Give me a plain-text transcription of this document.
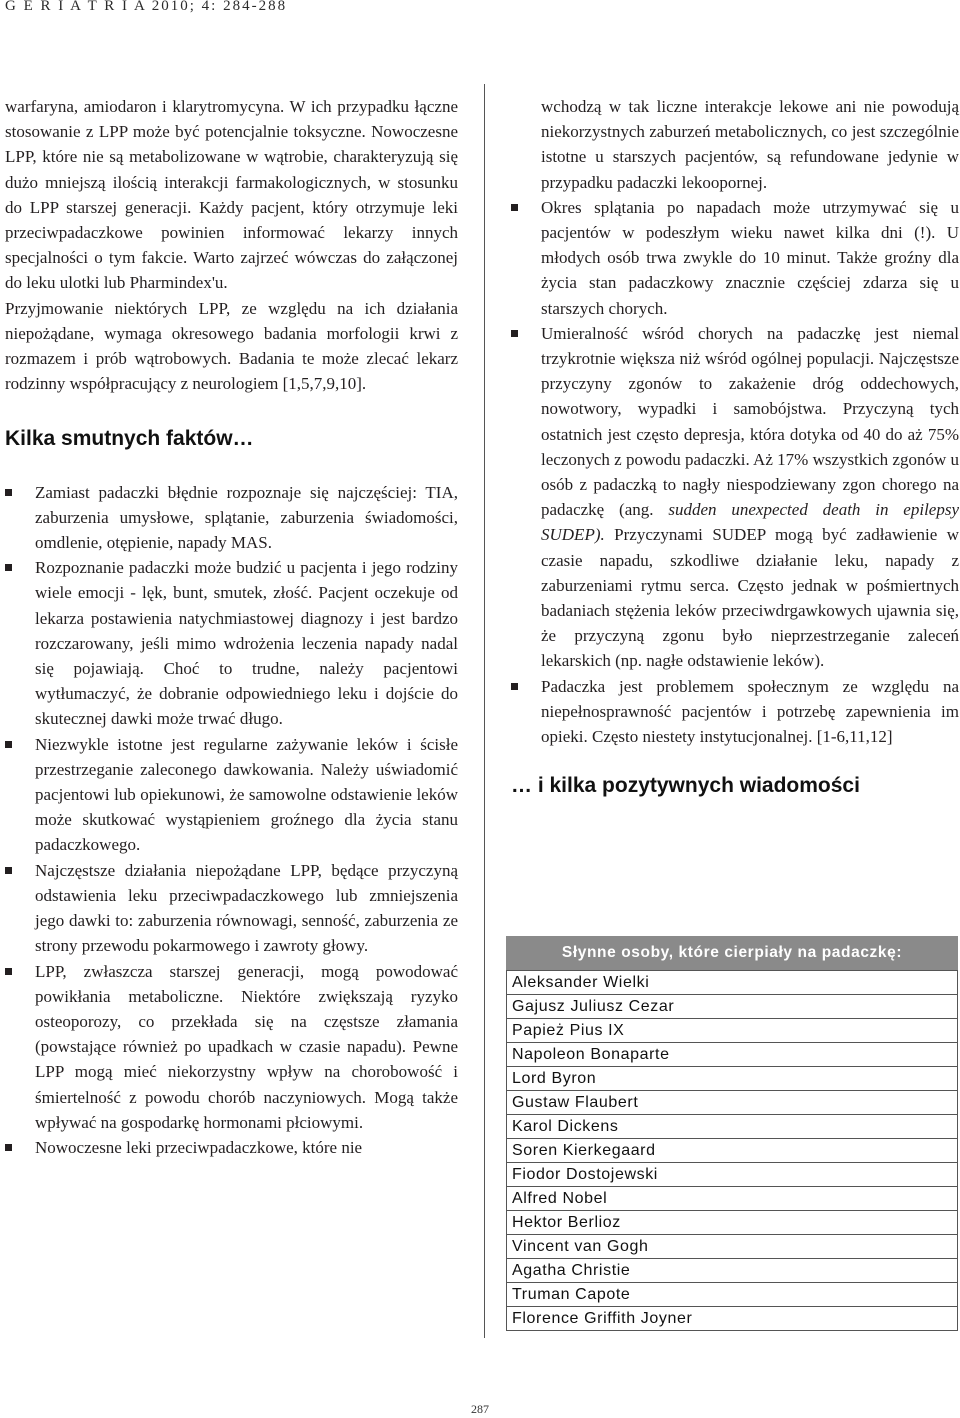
G E R I A T R I A 2010; 4: 284-288

warfaryna, amiodaron i klarytromycyna. W ich przypadku łączne stosowanie z LPP może być potencjalnie toksyczne. Nowoczesne LPP, które nie są metabolizowane w wątrobie, charakteryzują się dużo mniejszą ilością interakcji farmakologicznych, w stosunku do LPP starszej generacji. Każdy pacjent, który otrzymuje leki przeciwpadaczkowe powinien informować lekarzy innych specjalności o tym fakcie. Warto zajrzeć wówczas do załączonej do leku ulotki lub Pharmindex'u.

Przyjmowanie niektórych LPP, ze względu na ich działania niepożądane, wymaga okresowego badania morfologii krwi z rozmazem i prób wątrobowych. Badania te może zlecać lekarz rodzinny współpracujący z neurologiem [1,5,7,9,10].

Kilka smutnych faktów…
Zamiast padaczki błędnie rozpoznaje się najczęściej: TIA, zaburzenia umysłowe, splątanie, zaburzenia świadomości, omdlenie, otępienie, napady MAS.
Rozpoznanie padaczki może budzić u pacjenta i jego rodziny wiele emocji - lęk, bunt, smutek, złość. Pacjent oczekuje od lekarza postawienia natychmiastowej diagnozy i jest bardzo rozczarowany, jeśli mimo wdrożenia leczenia napady nadal się pojawiają. Choć to trudne, należy pacjentowi wytłumaczyć, że dobranie odpowiedniego leku i dojście do skutecznej dawki może trwać długo.
Niezwykle istotne jest regularne zażywanie leków i ścisłe przestrzeganie zaleconego dawkowania. Należy uświadomić pacjentowi lub opiekunowi, że samowolne odstawienie leków może skutkować wystąpieniem groźnego dla życia stanu padaczkowego.
Najczęstsze działania niepożądane LPP, będące przyczyną odstawienia leku przeciwpadaczkowego lub zmniejszenia jego dawki to: zaburzenia równowagi, senność, zaburzenia ze strony przewodu pokarmowego i zawroty głowy.
LPP, zwłaszcza starszej generacji, mogą powodować powikłania metaboliczne. Niektóre zwiększają ryzyko osteoporozy, co przekłada się na częstsze złamania (powstające również po upadkach w czasie napadu). Pewne LPP mogą mieć niekorzystny wpływ na chorobowość i śmiertelność z powodu chorób naczyniowych. Mogą także wpływać na gospodarkę hormonami płciowymi.
Nowoczesne leki przeciwpadaczkowe, które nie

wchodzą w tak liczne interakcje lekowe ani nie powodują niekorzystnych zaburzeń metabolicznych, co jest szczególnie istotne u starszych pacjentów, są refundowane jedynie w przypadku padaczki lekoopornej.

Okres splątania po napadach może utrzymywać się u pacjentów w podeszłym wieku nawet kilka dni (!). U młodych osób trwa zwykle do 10 minut. Także groźny dla życia stan padaczkowy znacznie częściej zdarza się u starszych chorych.
Umieralność wśród chorych na padaczkę jest niemal trzykrotnie większa niż wśród ogólnej populacji. Najczęstsze przyczyny zgonów to zakażenie dróg oddechowych, nowotwory, wypadki i samobójstwa. Przyczyną tych ostatnich jest często depresja, która dotyka od 40 do aż 75% leczonych z powodu padaczki. Aż 17% wszystkich zgonów u osób z padaczką to nagły niespodziewany zgon chorego na padaczkę (ang. sudden unexpected death in epilepsy SUDEP). Przyczynami SUDEP mogą być zadławienie w czasie napadu, szkodliwe działanie leku, napady z zaburzeniami rytmu serca. Często jednak w pośmiertnych badaniach stężenia leków przeciwdrgawkowych ujawnia się, że przyczyną zgonu było nieprzestrzeganie zaleceń lekarskich (np. nagłe odstawienie leków).
Padaczka jest problemem społecznym ze względu na niepełnosprawność pacjentów i potrzebę zapewnienia im opieki. Często niestety instytucjonalnej. [1-6,11,12]
… i kilka pozytywnych wiadomości
Słynne osoby, które cierpiały na padaczkę:
Aleksander Wielki
Gajusz Juliusz Cezar
Papież Pius IX
Napoleon Bonaparte
Lord Byron
Gustaw Flaubert
Karol Dickens
Soren Kierkegaard
Fiodor Dostojewski
Alfred Nobel
Hektor Berlioz
Vincent van Gogh
Agatha Christie
Truman Capote
Florence Griffith Joyner
287
